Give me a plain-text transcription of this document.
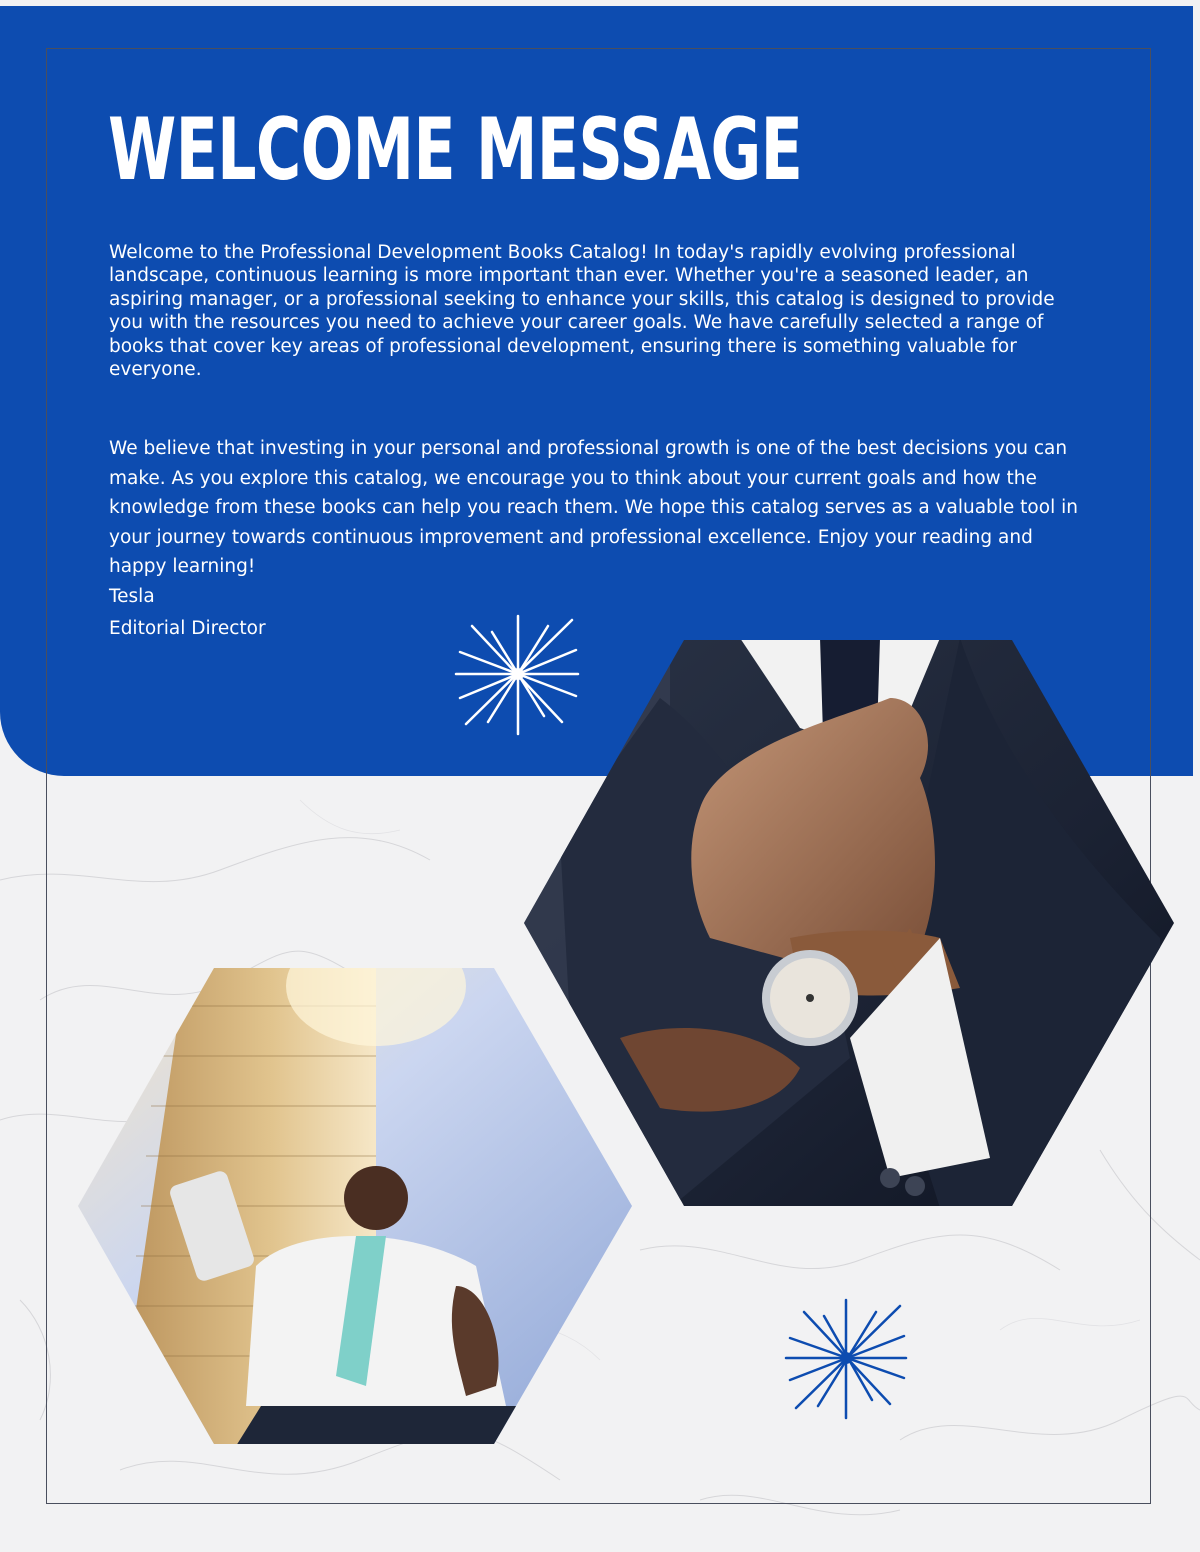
WELCOME MESSAGE

Welcome to the Professional Development Books Catalog! In today's rapidly evolving professional landscape, continuous learning is more important than ever. Whether you're a seasoned leader, an aspiring manager, or a professional seeking to enhance your skills, this catalog is designed to provide you with the resources you need to achieve your career goals. We have carefully selected a range of books that cover key areas of professional development, ensuring there is something valuable for everyone.

We believe that investing in your personal and professional growth is one of the best decisions you can make. As you explore this catalog, we encourage you to think about your current goals and how the knowledge from these books can help you reach them. We hope this catalog serves as a valuable tool in your journey towards continuous improvement and professional excellence. Enjoy your reading and happy learning!

Tesla

Editorial Director
